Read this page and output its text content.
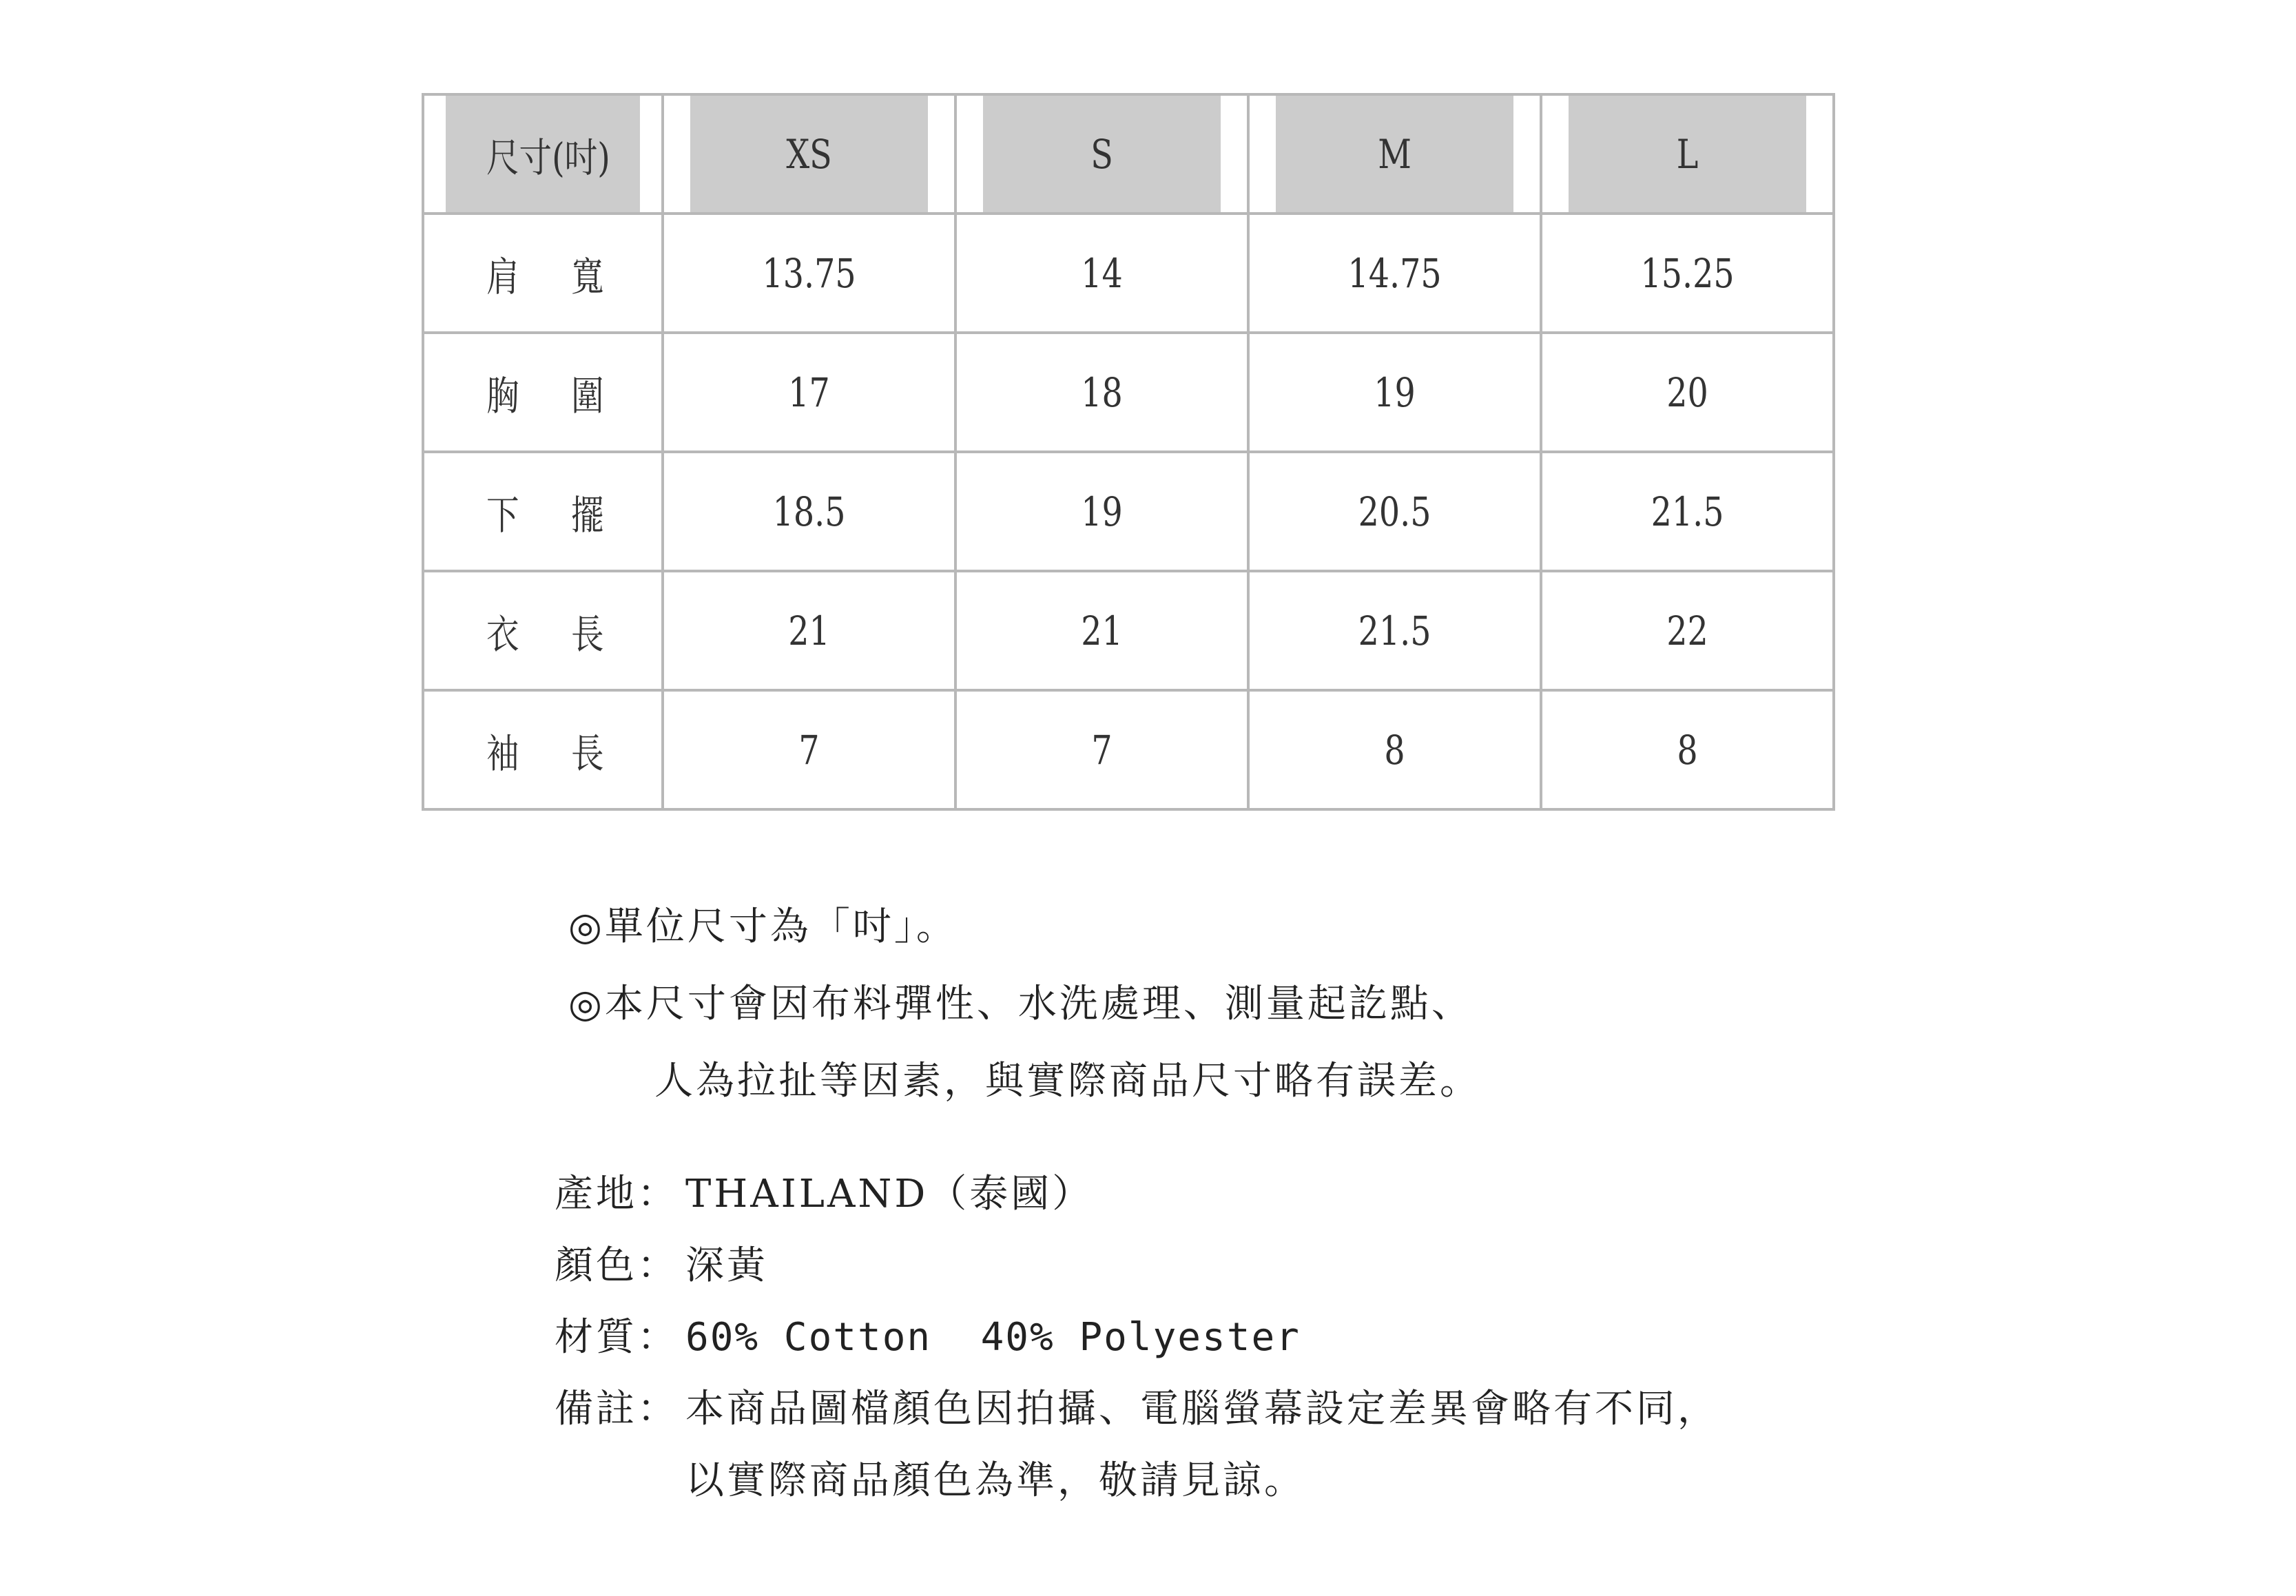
尺寸(吋)	XS	S	M	L
肩 寬	13.75	14	14.75	15.25
胸 圍	17	18	19	20
下 擺	18.5	19	20.5	21.5
衣 長	21	21	21.5	22
袖 長	7	7	8	8
◎單位尺寸為「吋」。
◎本尺寸會因布料彈性、水洗處理、測量起訖點、
人為拉扯等因素，與實際商品尺寸略有誤差。
產地： THAILAND（泰國）
顏色： 深黃
材質： 60% Cotton  40% Polyester
備註： 本商品圖檔顏色因拍攝、電腦螢幕設定差異會略有不同，
以實際商品顏色為準，敬請見諒。
